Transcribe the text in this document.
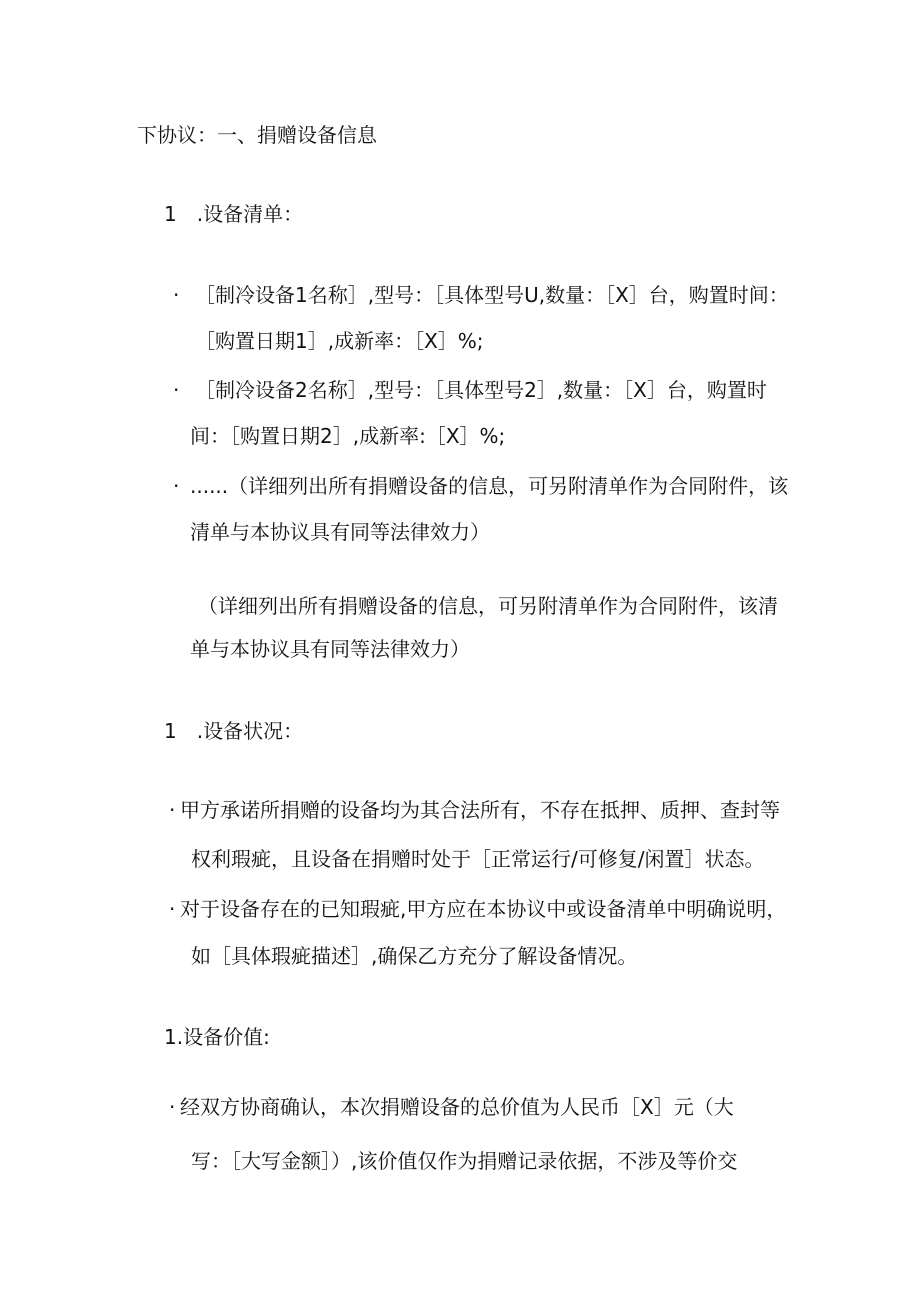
下协议：一、捐赠设备信息
1　.设备清单：
· ［制冷设备1名称］,型号：［具体型号U,数量：［X］台，购置时间：
［购置日期1］,成新率：［X］%;
· ［制冷设备2名称］,型号：［具体型号2］,数量：［X］台，购置时
间：［购置日期2］,成新率:［X］%;
· ......（详细列出所有捐赠设备的信息，可另附清单作为合同附件，该
清单与本协议具有同等法律效力）
（详细列出所有捐赠设备的信息，可另附清单作为合同附件，该清
单与本协议具有同等法律效力）
1　.设备状况：
· 甲方承诺所捐赠的设备均为其合法所有，不存在抵押、质押、查封等
权利瑕疵，且设备在捐赠时处于［正常运行/可修复/闲置］状态。
· 对于设备存在的已知瑕疵,甲方应在本协议中或设备清单中明确说明，
如［具体瑕疵描述］,确保乙方充分了解设备情况。
1.设备价值:
· 经双方协商确认，本次捐赠设备的总价值为人民币［X］元（大
写：［大写金额］）,该价值仅作为捐赠记录依据，不涉及等价交
